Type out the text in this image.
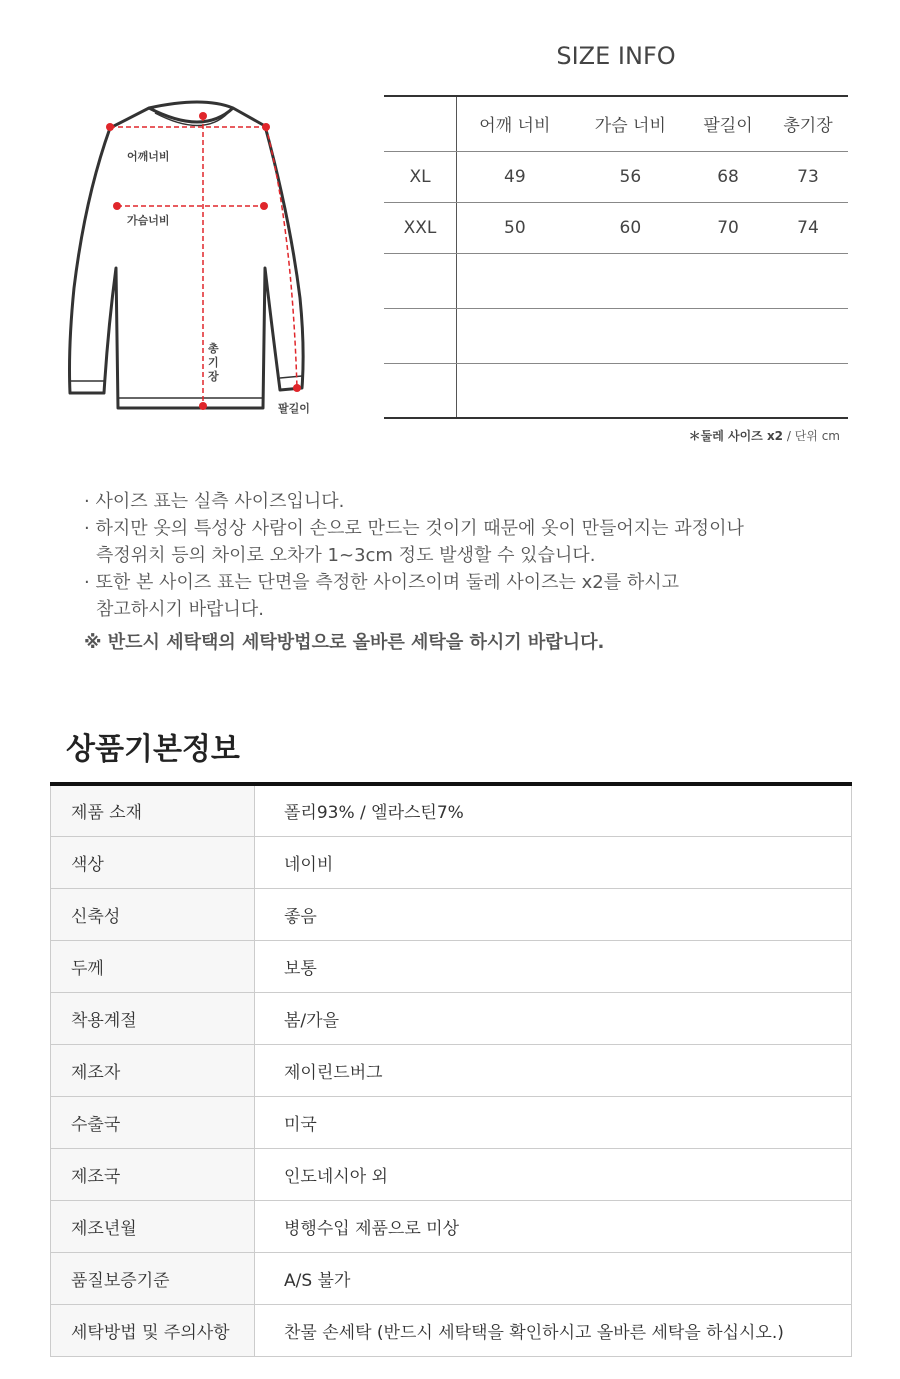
어깨너비
가슴너비
총
기
장
팔길이
SIZE INFO
	어깨 너비	가슴 너비	팔길이	총기장
XL	49	56	68	73
XXL	50	60	70	74

＊둘레 사이즈 x2 / 단위 cm
· 사이즈 표는 실측 사이즈입니다.
· 하지만 옷의 특성상 사람이 손으로 만드는 것이기 때문에 옷이 만들어지는 과정이나
측정위치 등의 차이로 오차가 1~3cm 정도 발생할 수 있습니다.
· 또한 본 사이즈 표는 단면을 측정한 사이즈이며 둘레 사이즈는 x2를 하시고
참고하시기 바랍니다.
※ 반드시 세탁택의 세탁방법으로 올바른 세탁을 하시기 바랍니다.
상품기본정보
제품 소재	폴리93% / 엘라스틴7%
색상	네이비
신축성	좋음
두께	보통
착용계절	봄/가을
제조자	제이린드버그
수출국	미국
제조국	인도네시아 외
제조년월	병행수입 제품으로 미상
품질보증기준	A/S 불가
세탁방법 및 주의사항	찬물 손세탁 (반드시 세탁택을 확인하시고 올바른 세탁을 하십시오.)
